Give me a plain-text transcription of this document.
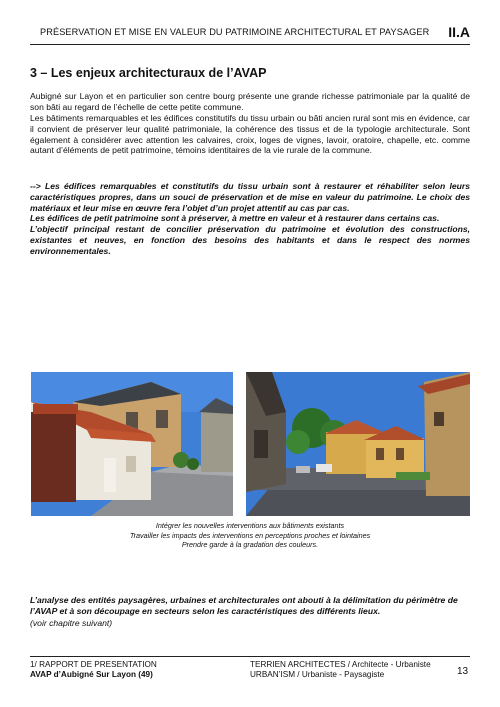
PRÉSERVATION ET MISE EN VALEUR DU PATRIMOINE ARCHITECTURAL ET PAYSAGER II.A
3 – Les enjeux architecturaux de l’AVAP
Aubigné sur Layon et en particulier son centre bourg présente une grande richesse patrimoniale par la qualité de son bâti au regard de l’échelle de cette petite commune.
Les bâtiments remarquables et les édifices constitutifs du tissu urbain ou bâti ancien rural sont mis en évidence, car il convient de préserver leur qualité patrimoniale, la cohérence des tissus et de la typologie architecturale. Sont également à considérer avec attention les calvaires, croix, loges de vignes, lavoir, oratoire, chapelle, etc. comme autant d’éléments de petit patrimoine, témoins identitaires de la vie rurale de la commune.
--> Les édifices remarquables et constitutifs du tissu urbain sont à restaurer et réhabiliter selon leurs caractéristiques propres, dans un souci de préservation et de mise en valeur du patrimoine. Le choix des matériaux et leur mise en œuvre fera l’objet d’un projet attentif au cas par cas.
Les édifices de petit patrimoine sont à préserver, à mettre en valeur et à restaurer dans certains cas.
L’objectif principal restant de concilier préservation du patrimoine et évolution des constructions, existantes et neuves, en fonction des besoins des habitants et dans le respect des normes environnementales.
Intégrer les nouvelles interventions aux bâtiments existants
Travailler les impacts des interventions en perceptions proches et lointaines
Prendre garde à la gradation des couleurs.
L’analyse des entités paysagères, urbaines et architecturales ont abouti à la délimitation du périmètre de l’AVAP et à son découpage en secteurs selon les caractéristiques des différents lieux.
(voir chapitre suivant)
1/ RAPPORT DE PRESENTATION
AVAP d’Aubigné Sur Layon (49)
TERRIEN ARCHITECTES / Architecte - Urbaniste
URBAN’ISM / Urbaniste - Paysagiste	13
